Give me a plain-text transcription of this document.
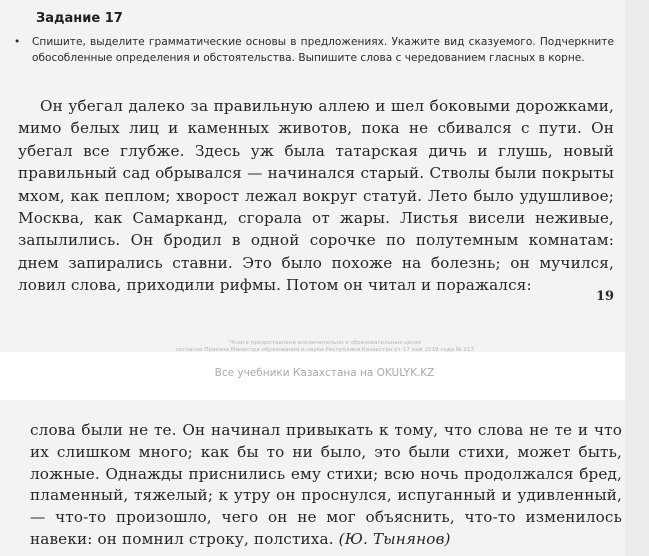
Задание 17
•	Спишите, выделите грамматические основы в предложениях. Укажите вид сказуемого. Подчеркните обособленные определения и обстоятельства. Выпишите слова с чередованием гласных в корне.
Он убегал далеко за правильную аллею и шел боковыми дорожками, мимо белых лиц и каменных животов, пока не сбивался с пути. Он убегал все глубже. Здесь уж была татарская дичь и глушь, новый правильный сад обрывался — начинался старый. Стволы были покрыты мхом, как пеплом; хворост лежал вокруг статуй. Лето было удушливое; Москва, как Самарканд, сгорала от жары. Листья висели неживые, запылились. Он бродил в одной сорочке по полутемным комнатам: днем запирались ставни. Это было похоже на болезнь; он мучился, ловил слова, приходили рифмы. Потом он читал и поражался:
19
*Книга предоставлена исключительно в образовательных целях
согласно Приказа Министра образования и науки Республики Казахстан от 17 мая 2019 года № 217
Все учебники Казахстана на OKULYK.KZ
слова были не те. Он начинал привыкать к тому, что слова не те и что их слишком много; как бы то ни было, это были стихи, может быть, ложные. Однажды приснились ему стихи; всю ночь продолжался бред, пламенный, тяжелый; к утру он проснулся, испуганный и удивленный, — что-то произошло, чего он не мог объяснить, что-то изменилось навеки: он помнил строку, полстиха. (Ю. Тынянов)
